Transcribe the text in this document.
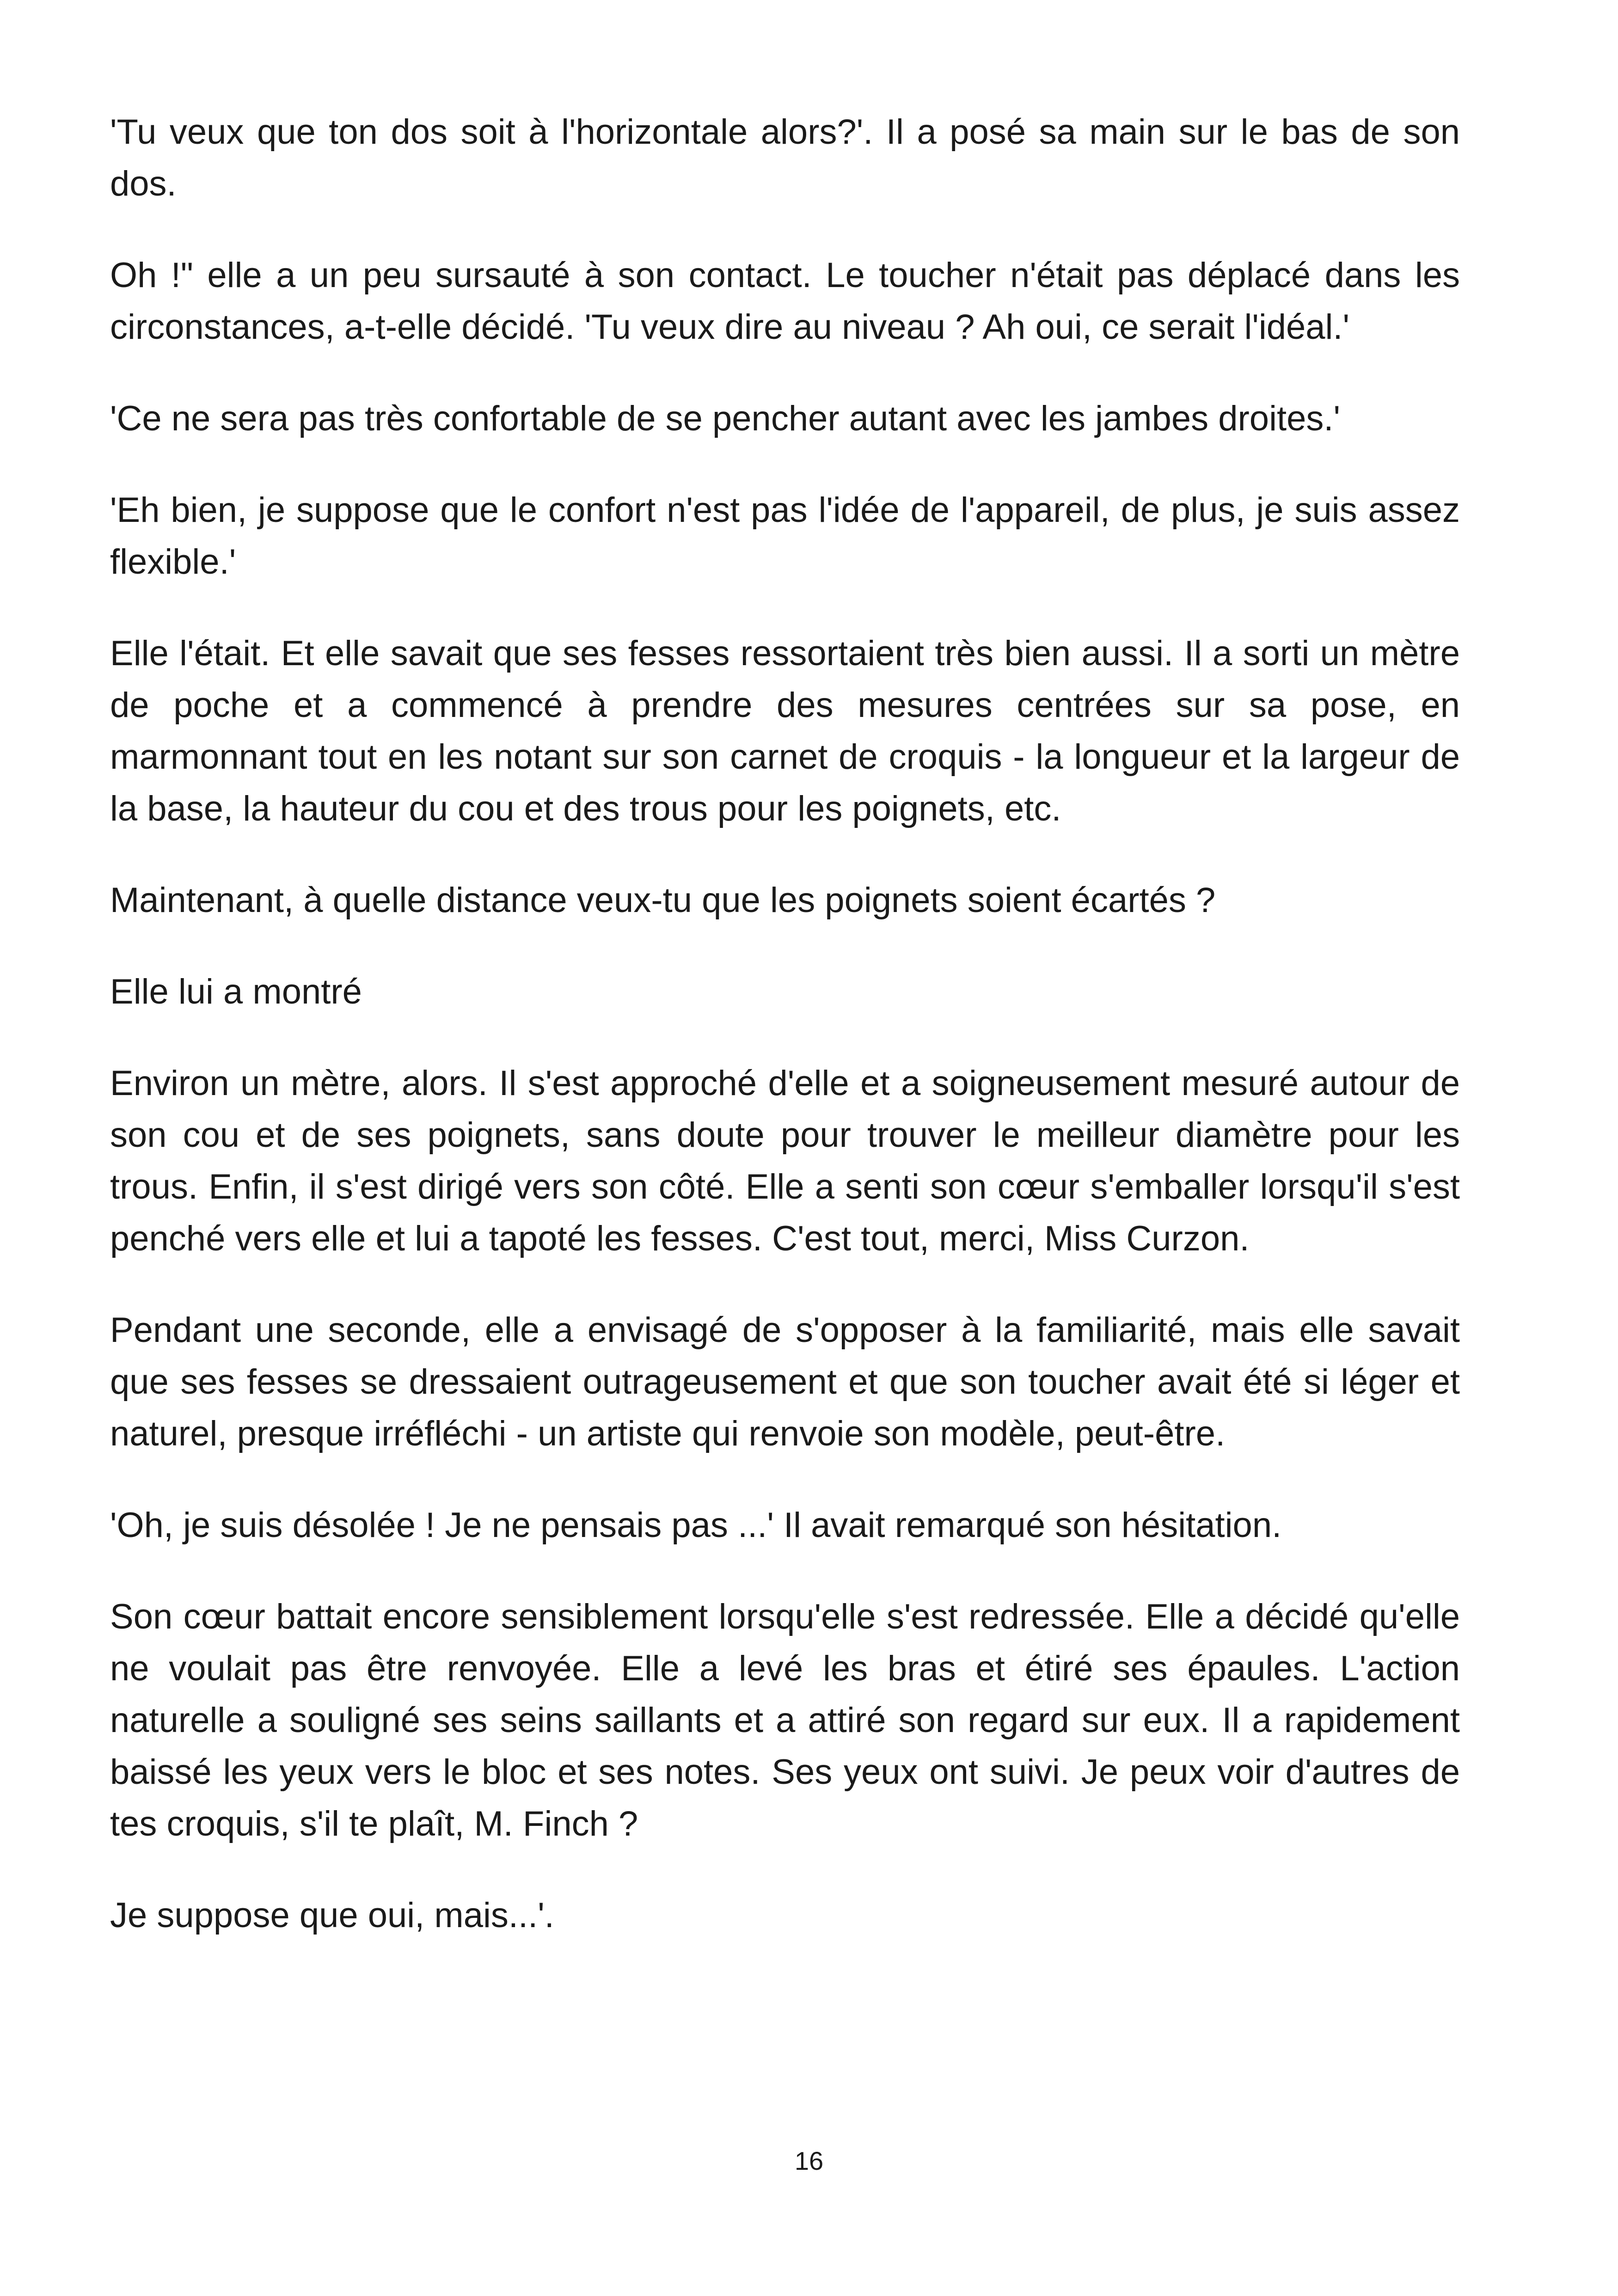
'Tu veux que ton dos soit à l'horizontale alors?'. Il a posé sa main sur le bas de son dos.

Oh !" elle a un peu sursauté à son contact. Le toucher n'était pas déplacé dans les circonstances, a-t-elle décidé. 'Tu veux dire au niveau ? Ah oui, ce serait l'idéal.'

'Ce ne sera pas très confortable de se pencher autant avec les jambes droites.'

'Eh bien, je suppose que le confort n'est pas l'idée de l'appareil, de plus, je suis assez flexible.'

Elle l'était. Et elle savait que ses fesses ressortaient très bien aussi. Il a sorti un mètre de poche et a commencé à prendre des mesures centrées sur sa pose, en marmonnant tout en les notant sur son carnet de croquis - la longueur et la largeur de la base, la hauteur du cou et des trous pour les poignets, etc.

Maintenant, à quelle distance veux-tu que les poignets soient écartés ?

Elle lui a montré

Environ un mètre, alors. Il s'est approché d'elle et a soigneusement mesuré autour de son cou et de ses poignets, sans doute pour trouver le meilleur diamètre pour les trous. Enfin, il s'est dirigé vers son côté. Elle a senti son cœur s'emballer lorsqu'il s'est penché vers elle et lui a tapoté les fesses. C'est tout, merci, Miss Curzon.

Pendant une seconde, elle a envisagé de s'opposer à la familiarité, mais elle savait que ses fesses se dressaient outrageusement et que son toucher avait été si léger et naturel, presque irréfléchi - un artiste qui renvoie son modèle, peut-être.

'Oh, je suis désolée ! Je ne pensais pas ...' Il avait remarqué son hésitation.

Son cœur battait encore sensiblement lorsqu'elle s'est redressée. Elle a décidé qu'elle ne voulait pas être renvoyée. Elle a levé les bras et étiré ses épaules. L'action naturelle a souligné ses seins saillants et a attiré son regard sur eux. Il a rapidement baissé les yeux vers le bloc et ses notes. Ses yeux ont suivi. Je peux voir d'autres de tes croquis, s'il te plaît, M. Finch ?

Je suppose que oui, mais...'.

16
